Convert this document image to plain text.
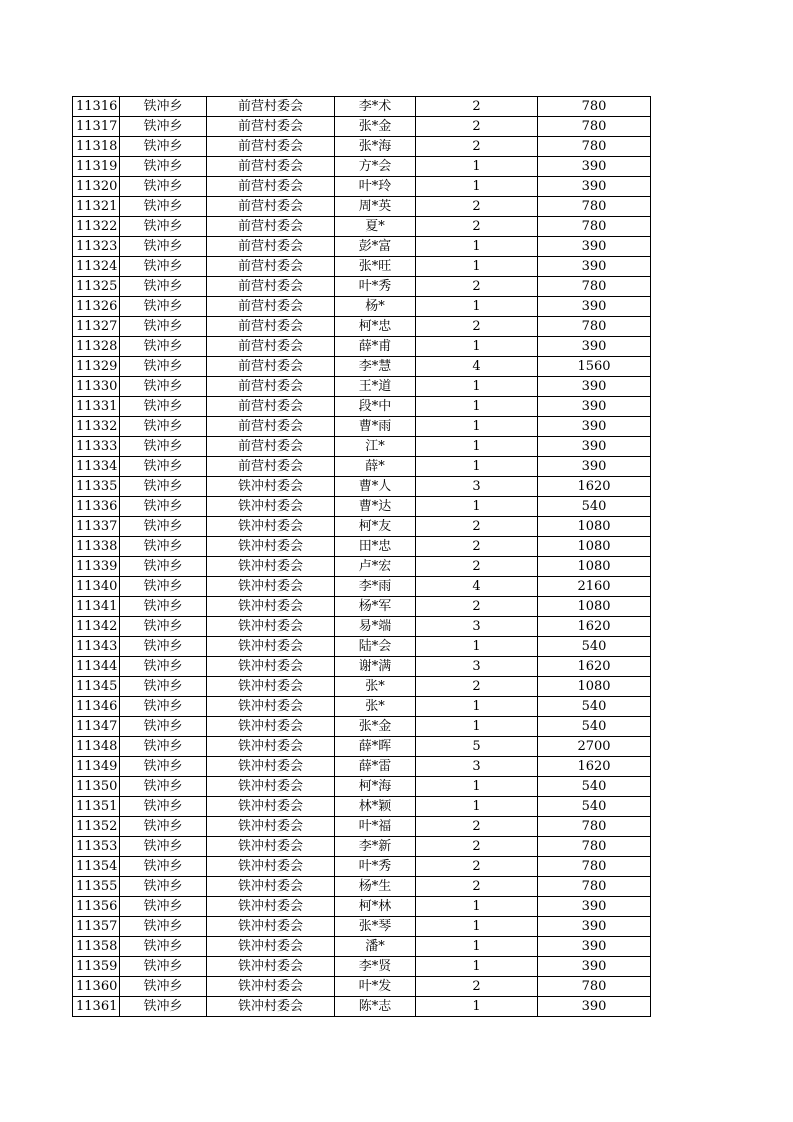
11316	铁冲乡	前营村委会	李*术	2	780
11317	铁冲乡	前营村委会	张*金	2	780
11318	铁冲乡	前营村委会	张*海	2	780
11319	铁冲乡	前营村委会	方*会	1	390
11320	铁冲乡	前营村委会	叶*玲	1	390
11321	铁冲乡	前营村委会	周*英	2	780
11322	铁冲乡	前营村委会	夏*	2	780
11323	铁冲乡	前营村委会	彭*富	1	390
11324	铁冲乡	前营村委会	张*旺	1	390
11325	铁冲乡	前营村委会	叶*秀	2	780
11326	铁冲乡	前营村委会	杨*	1	390
11327	铁冲乡	前营村委会	柯*忠	2	780
11328	铁冲乡	前营村委会	薛*甫	1	390
11329	铁冲乡	前营村委会	李*慧	4	1560
11330	铁冲乡	前营村委会	王*道	1	390
11331	铁冲乡	前营村委会	段*中	1	390
11332	铁冲乡	前营村委会	曹*雨	1	390
11333	铁冲乡	前营村委会	江*	1	390
11334	铁冲乡	前营村委会	薛*	1	390
11335	铁冲乡	铁冲村委会	曹*人	3	1620
11336	铁冲乡	铁冲村委会	曹*达	1	540
11337	铁冲乡	铁冲村委会	柯*友	2	1080
11338	铁冲乡	铁冲村委会	田*忠	2	1080
11339	铁冲乡	铁冲村委会	卢*宏	2	1080
11340	铁冲乡	铁冲村委会	李*雨	4	2160
11341	铁冲乡	铁冲村委会	杨*军	2	1080
11342	铁冲乡	铁冲村委会	易*端	3	1620
11343	铁冲乡	铁冲村委会	陆*会	1	540
11344	铁冲乡	铁冲村委会	谢*满	3	1620
11345	铁冲乡	铁冲村委会	张*	2	1080
11346	铁冲乡	铁冲村委会	张*	1	540
11347	铁冲乡	铁冲村委会	张*金	1	540
11348	铁冲乡	铁冲村委会	薛*晖	5	2700
11349	铁冲乡	铁冲村委会	薛*雷	3	1620
11350	铁冲乡	铁冲村委会	柯*海	1	540
11351	铁冲乡	铁冲村委会	林*颖	1	540
11352	铁冲乡	铁冲村委会	叶*福	2	780
11353	铁冲乡	铁冲村委会	李*新	2	780
11354	铁冲乡	铁冲村委会	叶*秀	2	780
11355	铁冲乡	铁冲村委会	杨*生	2	780
11356	铁冲乡	铁冲村委会	柯*林	1	390
11357	铁冲乡	铁冲村委会	张*琴	1	390
11358	铁冲乡	铁冲村委会	潘*	1	390
11359	铁冲乡	铁冲村委会	李*贤	1	390
11360	铁冲乡	铁冲村委会	叶*发	2	780
11361	铁冲乡	铁冲村委会	陈*志	1	390
